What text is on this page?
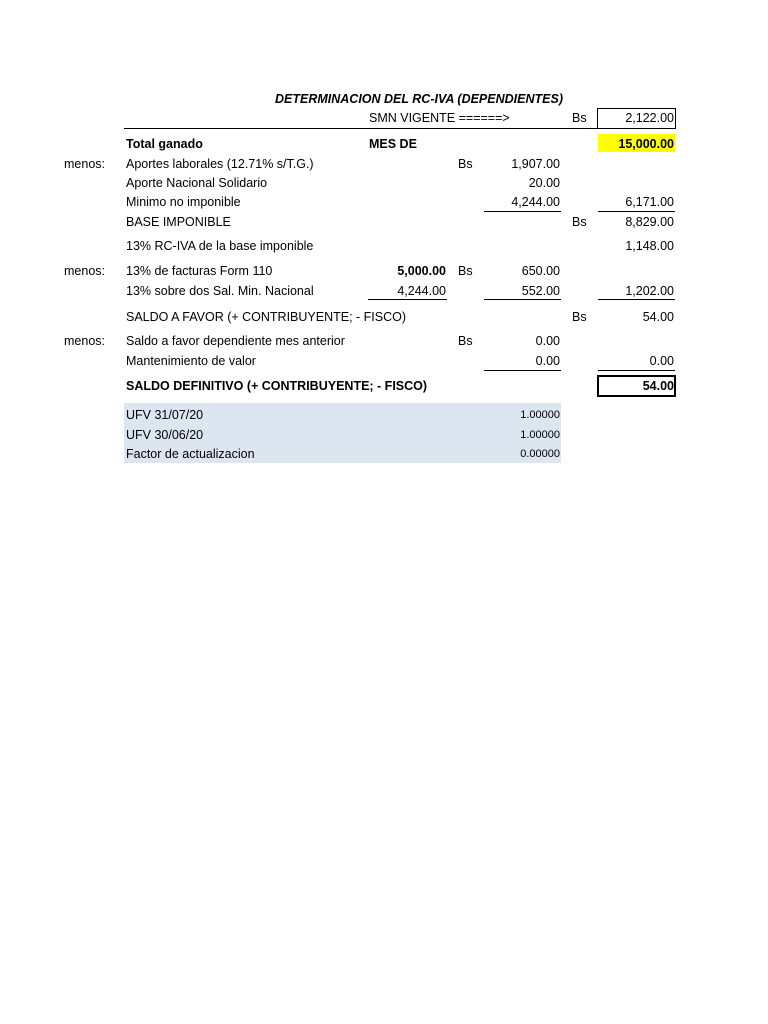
DETERMINACION DEL RC-IVA (DEPENDIENTES)
SMN VIGENTE ======>	Bs	2,122.00
Total ganado	MES DE	15,000.00
menos: Aportes laborales (12.71% s/T.G.)	Bs	1,907.00
Aporte Nacional Solidario	20.00
Minimo no imponible	4,244.00	6,171.00
BASE IMPONIBLE	Bs	8,829.00
13% RC-IVA de la base imponible	1,148.00
menos: 13% de facturas Form 110	5,000.00 Bs	650.00
13% sobre dos Sal. Min. Nacional	4,244.00	552.00	1,202.00
SALDO A FAVOR (+ CONTRIBUYENTE; - FISCO)	Bs	54.00
menos: Saldo a favor dependiente mes anterior	Bs	0.00
Mantenimiento de valor	0.00	0.00
SALDO DEFINITIVO (+ CONTRIBUYENTE; - FISCO)	54.00
UFV 31/07/20	1.00000
UFV 30/06/20	1.00000
Factor de actualizacion	0.00000
